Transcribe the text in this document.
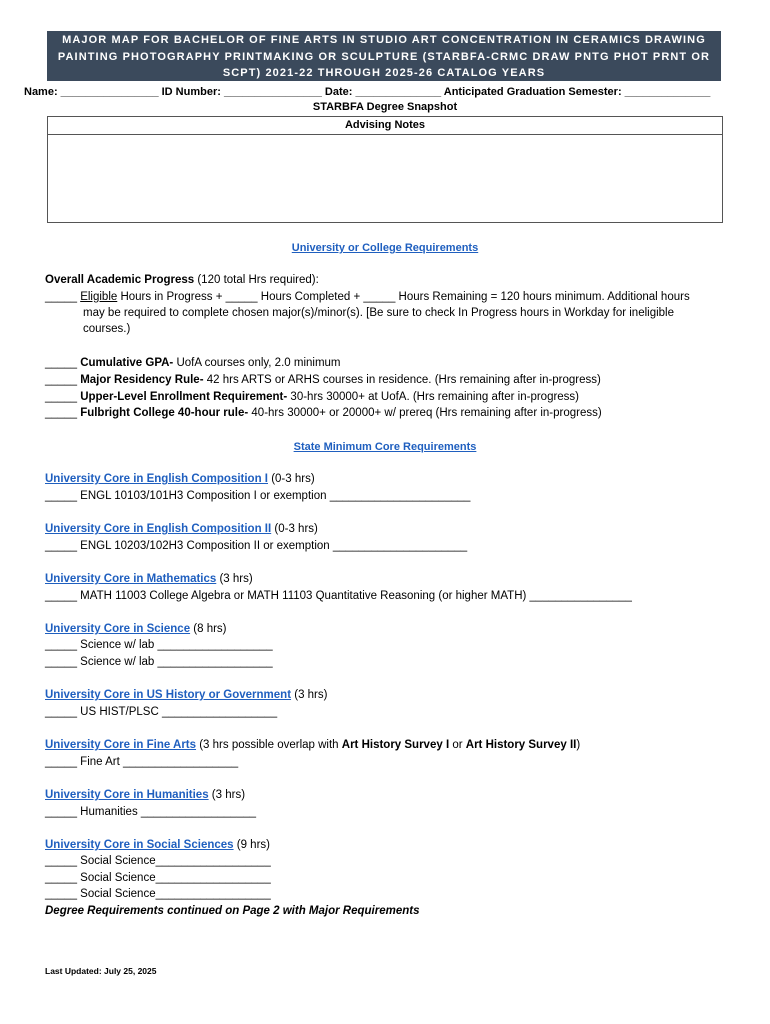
MAJOR MAP FOR BACHELOR OF FINE ARTS IN STUDIO ART CONCENTRATION IN CERAMICS DRAWING
PAINTING PHOTOGRAPHY PRINTMAKING OR SCULPTURE (STARBFA-CRMC DRAW PNTG PHOT PRNT OR
SCPT) 2021-22 THROUGH 2025-26 CATALOG YEARS
Name: ________________ ID Number: ________________ Date: ______________ Anticipated Graduation Semester: ______________
STARBFA Degree Snapshot
Advising Notes
University or College Requirements
Overall Academic Progress (120 total Hrs required):
_____ Eligible Hours in Progress + _____ Hours Completed + _____ Hours Remaining = 120 hours minimum. Additional hours
may be required to complete chosen major(s)/minor(s). [Be sure to check In Progress hours in Workday for ineligible
courses.)
_____ Cumulative GPA- UofA courses only, 2.0 minimum
_____ Major Residency Rule- 42 hrs ARTS or ARHS courses in residence. (Hrs remaining after in-progress)
_____ Upper-Level Enrollment Requirement- 30-hrs 30000+ at UofA. (Hrs remaining after in-progress)
_____ Fulbright College 40-hour rule- 40-hrs 30000+ or 20000+ w/ prereq (Hrs remaining after in-progress)
State Minimum Core Requirements
University Core in English Composition I (0-3 hrs)
_____ ENGL 10103/101H3 Composition I or exemption ______________________
University Core in English Composition II (0-3 hrs)
_____ ENGL 10203/102H3 Composition II or exemption _____________________
University Core in Mathematics (3 hrs)
_____ MATH 11003 College Algebra or MATH 11103 Quantitative Reasoning (or higher MATH) ________________
University Core in Science (8 hrs)
_____ Science w/ lab __________________
_____ Science w/ lab __________________
University Core in US History or Government (3 hrs)
_____ US HIST/PLSC __________________
University Core in Fine Arts (3 hrs possible overlap with Art History Survey I or Art History Survey II)
_____ Fine Art __________________
University Core in Humanities (3 hrs)
_____ Humanities __________________
University Core in Social Sciences (9 hrs)
_____ Social Science__________________
_____ Social Science__________________
_____ Social Science__________________
Degree Requirements continued on Page 2 with Major Requirements
Last Updated: July 25, 2025
